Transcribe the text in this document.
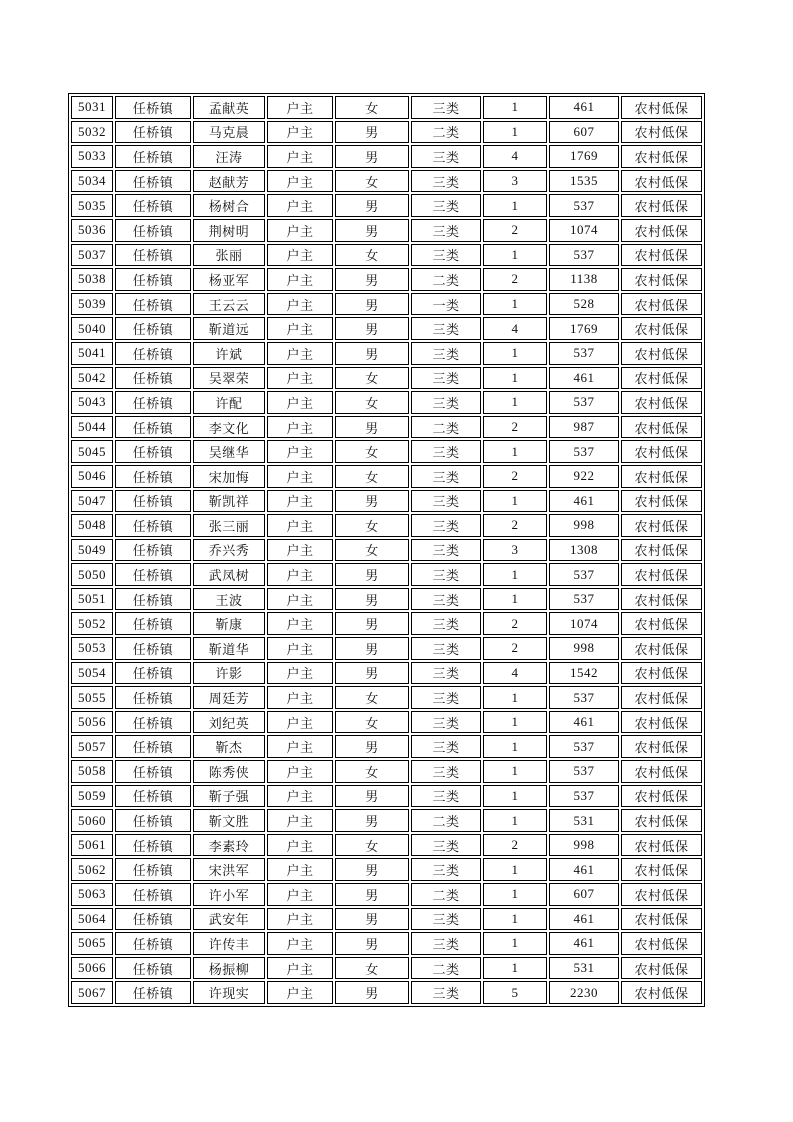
5031	任桥镇	孟献英	户主	女	三类	1	461	农村低保
5032	任桥镇	马克晨	户主	男	二类	1	607	农村低保
5033	任桥镇	汪涛	户主	男	三类	4	1769	农村低保
5034	任桥镇	赵献芳	户主	女	三类	3	1535	农村低保
5035	任桥镇	杨树合	户主	男	三类	1	537	农村低保
5036	任桥镇	荆树明	户主	男	三类	2	1074	农村低保
5037	任桥镇	张丽	户主	女	三类	1	537	农村低保
5038	任桥镇	杨亚军	户主	男	二类	2	1138	农村低保
5039	任桥镇	王云云	户主	男	一类	1	528	农村低保
5040	任桥镇	靳道远	户主	男	三类	4	1769	农村低保
5041	任桥镇	许斌	户主	男	三类	1	537	农村低保
5042	任桥镇	吴翠荣	户主	女	三类	1	461	农村低保
5043	任桥镇	许配	户主	女	三类	1	537	农村低保
5044	任桥镇	李文化	户主	男	二类	2	987	农村低保
5045	任桥镇	吴继华	户主	女	三类	1	537	农村低保
5046	任桥镇	宋加悔	户主	女	三类	2	922	农村低保
5047	任桥镇	靳凯祥	户主	男	三类	1	461	农村低保
5048	任桥镇	张三丽	户主	女	三类	2	998	农村低保
5049	任桥镇	乔兴秀	户主	女	三类	3	1308	农村低保
5050	任桥镇	武凤树	户主	男	三类	1	537	农村低保
5051	任桥镇	王波	户主	男	三类	1	537	农村低保
5052	任桥镇	靳康	户主	男	三类	2	1074	农村低保
5053	任桥镇	靳道华	户主	男	三类	2	998	农村低保
5054	任桥镇	许影	户主	男	三类	4	1542	农村低保
5055	任桥镇	周廷芳	户主	女	三类	1	537	农村低保
5056	任桥镇	刘纪英	户主	女	三类	1	461	农村低保
5057	任桥镇	靳杰	户主	男	三类	1	537	农村低保
5058	任桥镇	陈秀侠	户主	女	三类	1	537	农村低保
5059	任桥镇	靳子强	户主	男	三类	1	537	农村低保
5060	任桥镇	靳文胜	户主	男	二类	1	531	农村低保
5061	任桥镇	李素玲	户主	女	三类	2	998	农村低保
5062	任桥镇	宋洪军	户主	男	三类	1	461	农村低保
5063	任桥镇	许小军	户主	男	二类	1	607	农村低保
5064	任桥镇	武安年	户主	男	三类	1	461	农村低保
5065	任桥镇	许传丰	户主	男	三类	1	461	农村低保
5066	任桥镇	杨振柳	户主	女	二类	1	531	农村低保
5067	任桥镇	许现实	户主	男	三类	5	2230	农村低保
